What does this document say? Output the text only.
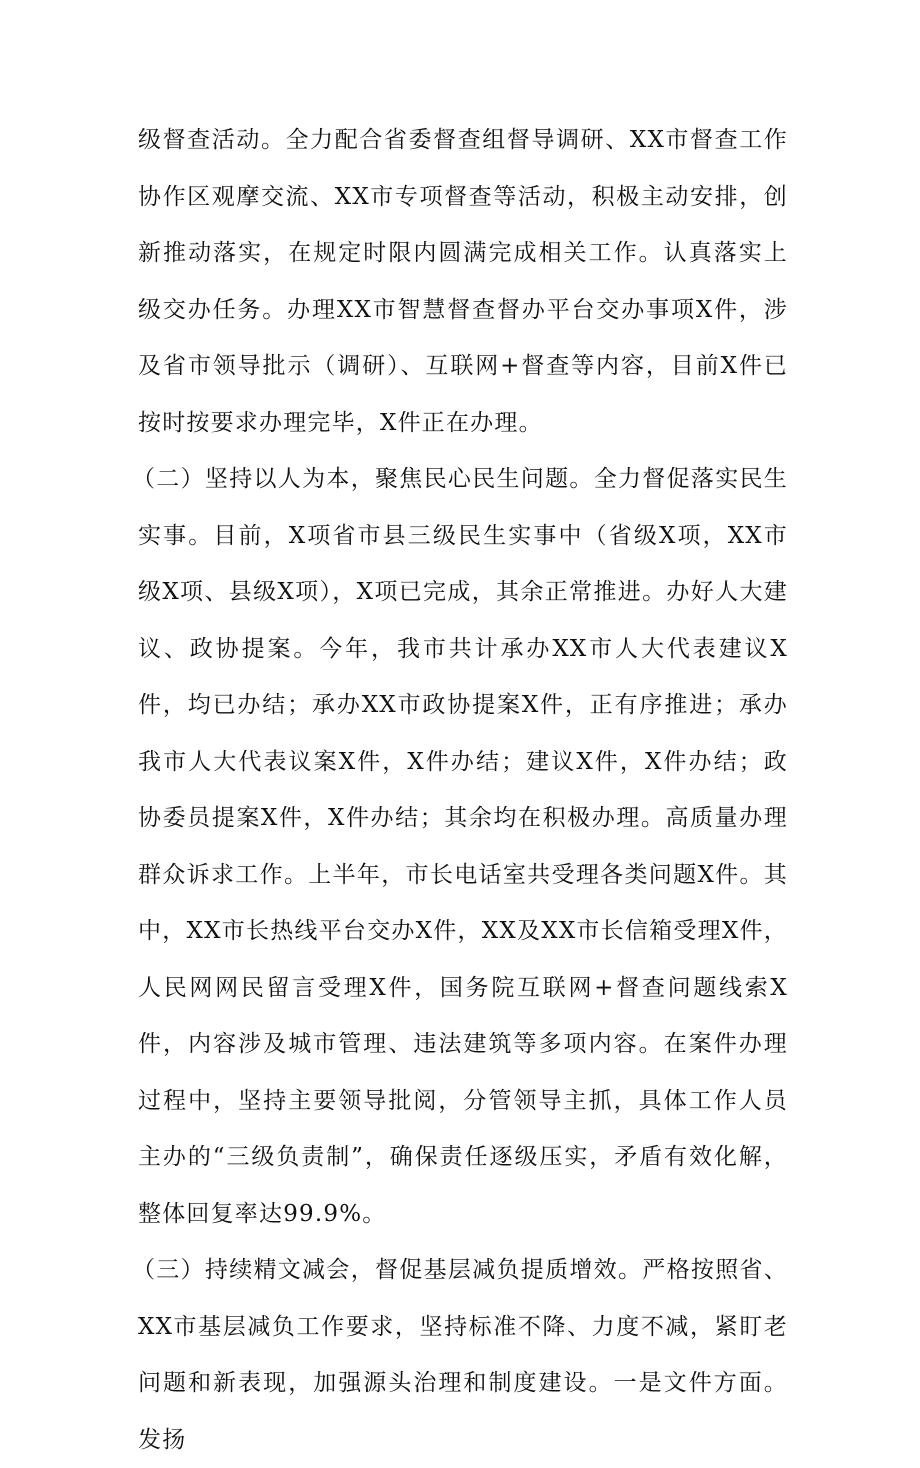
级督查活动。全力配合省委督查组督导调研、XX市督查工作协作区观摩交流、XX市专项督查等活动，积极主动安排，创新推动落实，在规定时限内圆满完成相关工作。认真落实上级交办任务。办理XX市智慧督查督办平台交办事项X件，涉及省市领导批示（调研）、互联网+督查等内容，目前X件已按时按要求办理完毕，X件正在办理。

（二）坚持以人为本，聚焦民心民生问题。全力督促落实民生实事。目前，X项省市县三级民生实事中（省级X项，XX市级X项、县级X项），X项已完成，其余正常推进。办好人大建议、政协提案。今年，我市共计承办XX市人大代表建议X件，均已办结；承办XX市政协提案X件，正有序推进；承办我市人大代表议案X件，X件办结；建议X件，X件办结；政协委员提案X件，X件办结；其余均在积极办理。高质量办理群众诉求工作。上半年，市长电话室共受理各类问题X件。其中，XX市长热线平台交办X件，XX及XX市长信箱受理X件，人民网网民留言受理X件，国务院互联网+督查问题线索X件，内容涉及城市管理、违法建筑等多项内容。在案件办理过程中，坚持主要领导批阅，分管领导主抓，具体工作人员主办的“三级负责制”，确保责任逐级压实，矛盾有效化解，整体回复率达99.9%。

（三）持续精文减会，督促基层减负提质增效。严格按照省、XX市基层减负工作要求，坚持标准不降、力度不减，紧盯老问题和新表现，加强源头治理和制度建设。一是文件方面。发扬
